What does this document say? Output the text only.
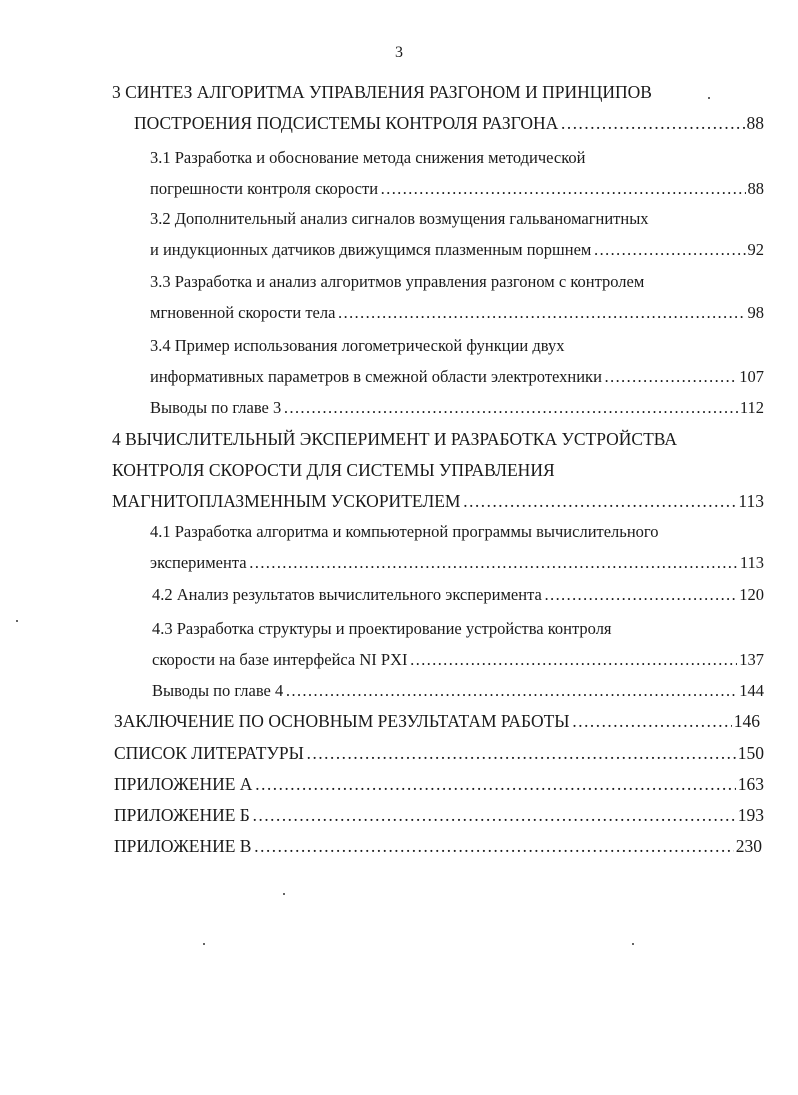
3
3 СИНТЕЗ АЛГОРИТМА УПРАВЛЕНИЯ РАЗГОНОМ И ПРИНЦИПОВ
ПОСТРОЕНИЯ ПОДСИСТЕМЫ КОНТРОЛЯ РАЗГОНА ……………………………………………………………………………………………………………………………………………………………………	88
3.1 Разработка и обоснование метода снижения методической
погрешности контроля скорости ……………………………………………………………………………………………………………………………………………………………………	88
3.2 Дополнительный анализ сигналов возмущения гальваномагнитных
и индукционных датчиков движущимся плазменным поршнем ……………………………………………………………………………………………………………………………………………………………………	92
3.3 Разработка и анализ алгоритмов управления разгоном с контролем
мгновенной скорости тела ……………………………………………………………………………………………………………………………………………………………………	98
3.4 Пример использования логометрической функции двух
информативных параметров в смежной области электротехники ……………………………………………………………………………………………………………………………………………………………………	107
Выводы по главе 3 ……………………………………………………………………………………………………………………………………………………………………	112
4 ВЫЧИСЛИТЕЛЬНЫЙ ЭКСПЕРИМЕНТ И РАЗРАБОТКА УСТРОЙСТВА
КОНТРОЛЯ СКОРОСТИ ДЛЯ СИСТЕМЫ УПРАВЛЕНИЯ
МАГНИТОПЛАЗМЕННЫМ УСКОРИТЕЛЕМ ……………………………………………………………………………………………………………………………………………………………………	113
4.1 Разработка алгоритма и компьютерной программы вычислительного
эксперимента ……………………………………………………………………………………………………………………………………………………………………	113
4.2 Анализ результатов вычислительного эксперимента ……………………………………………………………………………………………………………………………………………………………………	120
4.3 Разработка структуры и проектирование устройства контроля
скорости на базе интерфейса NI PXI ……………………………………………………………………………………………………………………………………………………………………	137
Выводы по главе 4 ……………………………………………………………………………………………………………………………………………………………………	144
ЗАКЛЮЧЕНИЕ ПО ОСНОВНЫМ РЕЗУЛЬТАТАМ РАБОТЫ ……………………………………………………………………………………………………………………………………………………………………	146
СПИСОК ЛИТЕРАТУРЫ ……………………………………………………………………………………………………………………………………………………………………	150
ПРИЛОЖЕНИЕ А ……………………………………………………………………………………………………………………………………………………………………	163
ПРИЛОЖЕНИЕ Б ……………………………………………………………………………………………………………………………………………………………………	193
ПРИЛОЖЕНИЕ В ……………………………………………………………………………………………………………………………………………………………………	230
